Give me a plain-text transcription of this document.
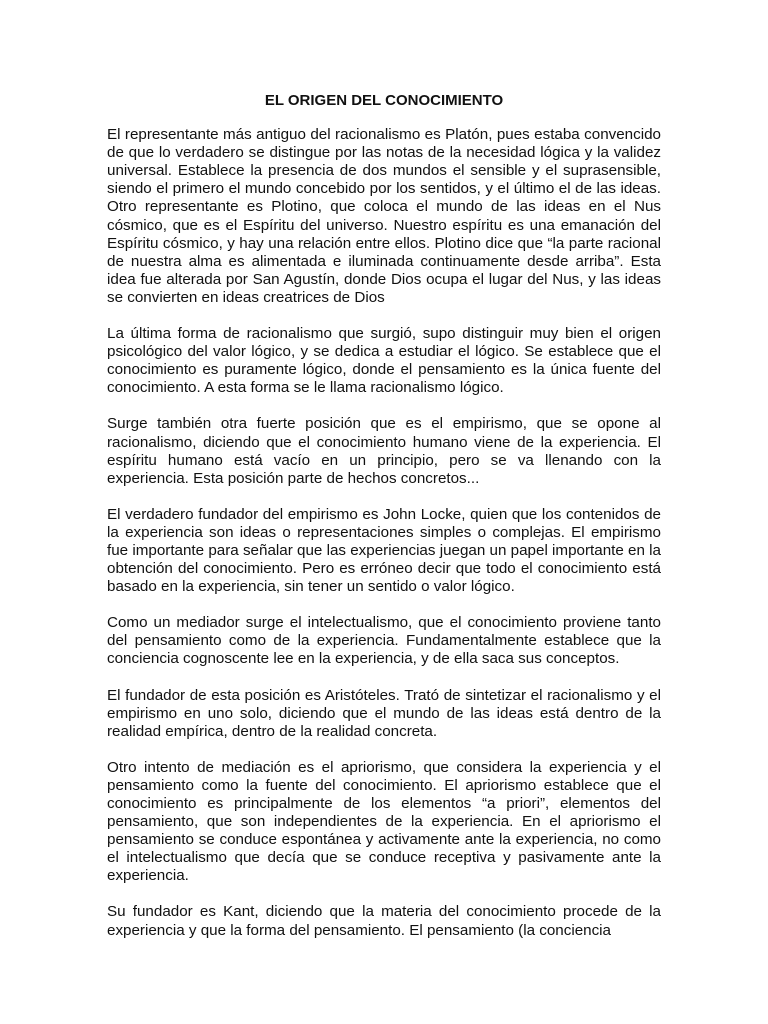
EL ORIGEN DEL CONOCIMIENTO

El representante más antiguo del racionalismo es Platón, pues estaba convencido de que lo verdadero se distingue por las notas de la necesidad lógica y la validez universal. Establece la presencia de dos mundos el sensible y el suprasensible, siendo el primero el mundo concebido por los sentidos, y el último el de las ideas. Otro representante es Plotino, que coloca el mundo de las ideas en el Nus cósmico, que es el Espíritu del universo. Nuestro espíritu es una emanación del Espíritu cósmico, y hay una relación entre ellos. Plotino dice que “la parte racional de nuestra alma es alimentada e iluminada continuamente desde arriba”. Esta idea fue alterada por San Agustín, donde Dios ocupa el lugar del Nus, y las ideas se convierten en ideas creatrices de Dios

La última forma de racionalismo que surgió, supo distinguir muy bien el origen psicológico del valor lógico, y se dedica a estudiar el lógico. Se establece que el conocimiento es puramente lógico, donde el pensamiento es la única fuente del conocimiento. A esta forma se le llama racionalismo lógico.

Surge también otra fuerte posición que es el empirismo, que se opone al racionalismo, diciendo que el conocimiento humano viene de la experiencia. El espíritu humano está vacío en un principio, pero se va llenando con la experiencia. Esta posición parte de hechos concretos...

El verdadero fundador del empirismo es John Locke, quien que los contenidos de la experiencia son ideas o representaciones simples o complejas. El empirismo fue importante para señalar que las experiencias juegan un papel importante en la obtención del conocimiento. Pero es erróneo decir que todo el conocimiento está basado en la experiencia, sin tener un sentido o valor lógico.

Como un mediador surge el intelectualismo, que el conocimiento proviene tanto del pensamiento como de la experiencia. Fundamentalmente establece que la conciencia cognoscente lee en la experiencia, y de ella saca sus conceptos.

El fundador de esta posición es Aristóteles. Trató de sintetizar el racionalismo y el empirismo en uno solo, diciendo que el mundo de las ideas está dentro de la realidad empírica, dentro de la realidad concreta.

Otro intento de mediación es el apriorismo, que considera la experiencia y el pensamiento como la fuente del conocimiento. El apriorismo establece que el conocimiento es principalmente de los elementos “a priori”, elementos del pensamiento, que son independientes de la experiencia. En el apriorismo el pensamiento se conduce espontánea y activamente ante la experiencia, no como el intelectualismo que decía que se conduce receptiva y pasivamente ante la experiencia.

Su fundador es Kant, diciendo que la materia del conocimiento procede de la experiencia y que la forma del pensamiento. El pensamiento (la conciencia
